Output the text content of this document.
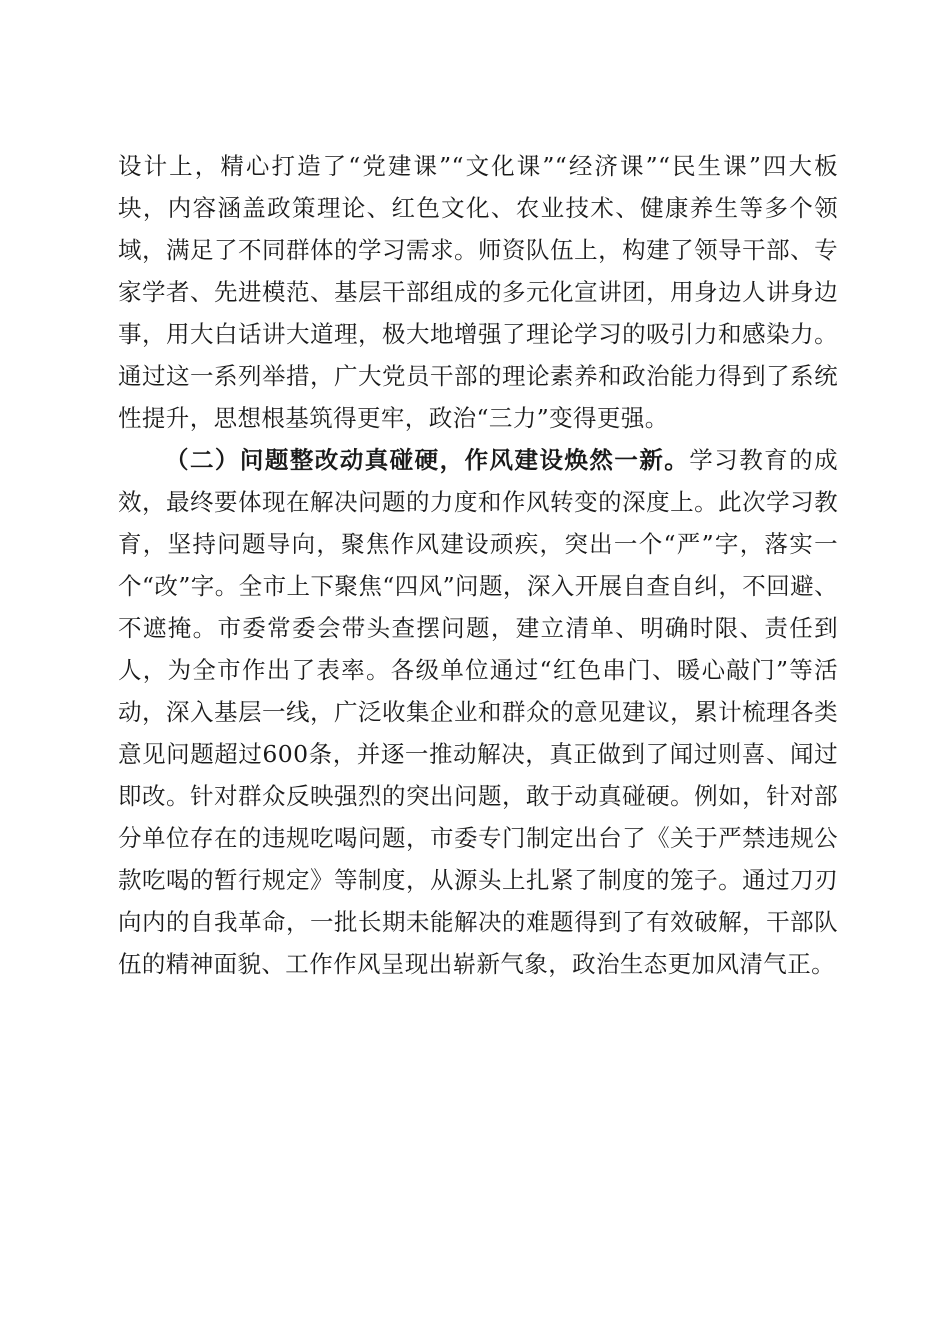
设计上，精心打造了“党建课”“文化课”“经济课”“民生课”四大板块，内容涵盖政策理论、红色文化、农业技术、健康养生等多个领域，满足了不同群体的学习需求。师资队伍上，构建了领导干部、专家学者、先进模范、基层干部组成的多元化宣讲团，用身边人讲身边事，用大白话讲大道理，极大地增强了理论学习的吸引力和感染力。通过这一系列举措，广大党员干部的理论素养和政治能力得到了系统性提升，思想根基筑得更牢，政治“三力”变得更强。

（二）问题整改动真碰硬，作风建设焕然一新。学习教育的成效，最终要体现在解决问题的力度和作风转变的深度上。此次学习教育，坚持问题导向，聚焦作风建设顽疾，突出一个“严”字，落实一个“改”字。全市上下聚焦“四风”问题，深入开展自查自纠，不回避、不遮掩。市委常委会带头查摆问题，建立清单、明确时限、责任到人，为全市作出了表率。各级单位通过“红色串门、暖心敲门”等活动，深入基层一线，广泛收集企业和群众的意见建议，累计梳理各类意见问题超过600条，并逐一推动解决，真正做到了闻过则喜、闻过即改。针对群众反映强烈的突出问题，敢于动真碰硬。例如，针对部分单位存在的违规吃喝问题，市委专门制定出台了《关于严禁违规公款吃喝的暂行规定》等制度，从源头上扎紧了制度的笼子。通过刀刃向内的自我革命，一批长期未能解决的难题得到了有效破解，干部队伍的精神面貌、工作作风呈现出崭新气象，政治生态更加风清气正。
